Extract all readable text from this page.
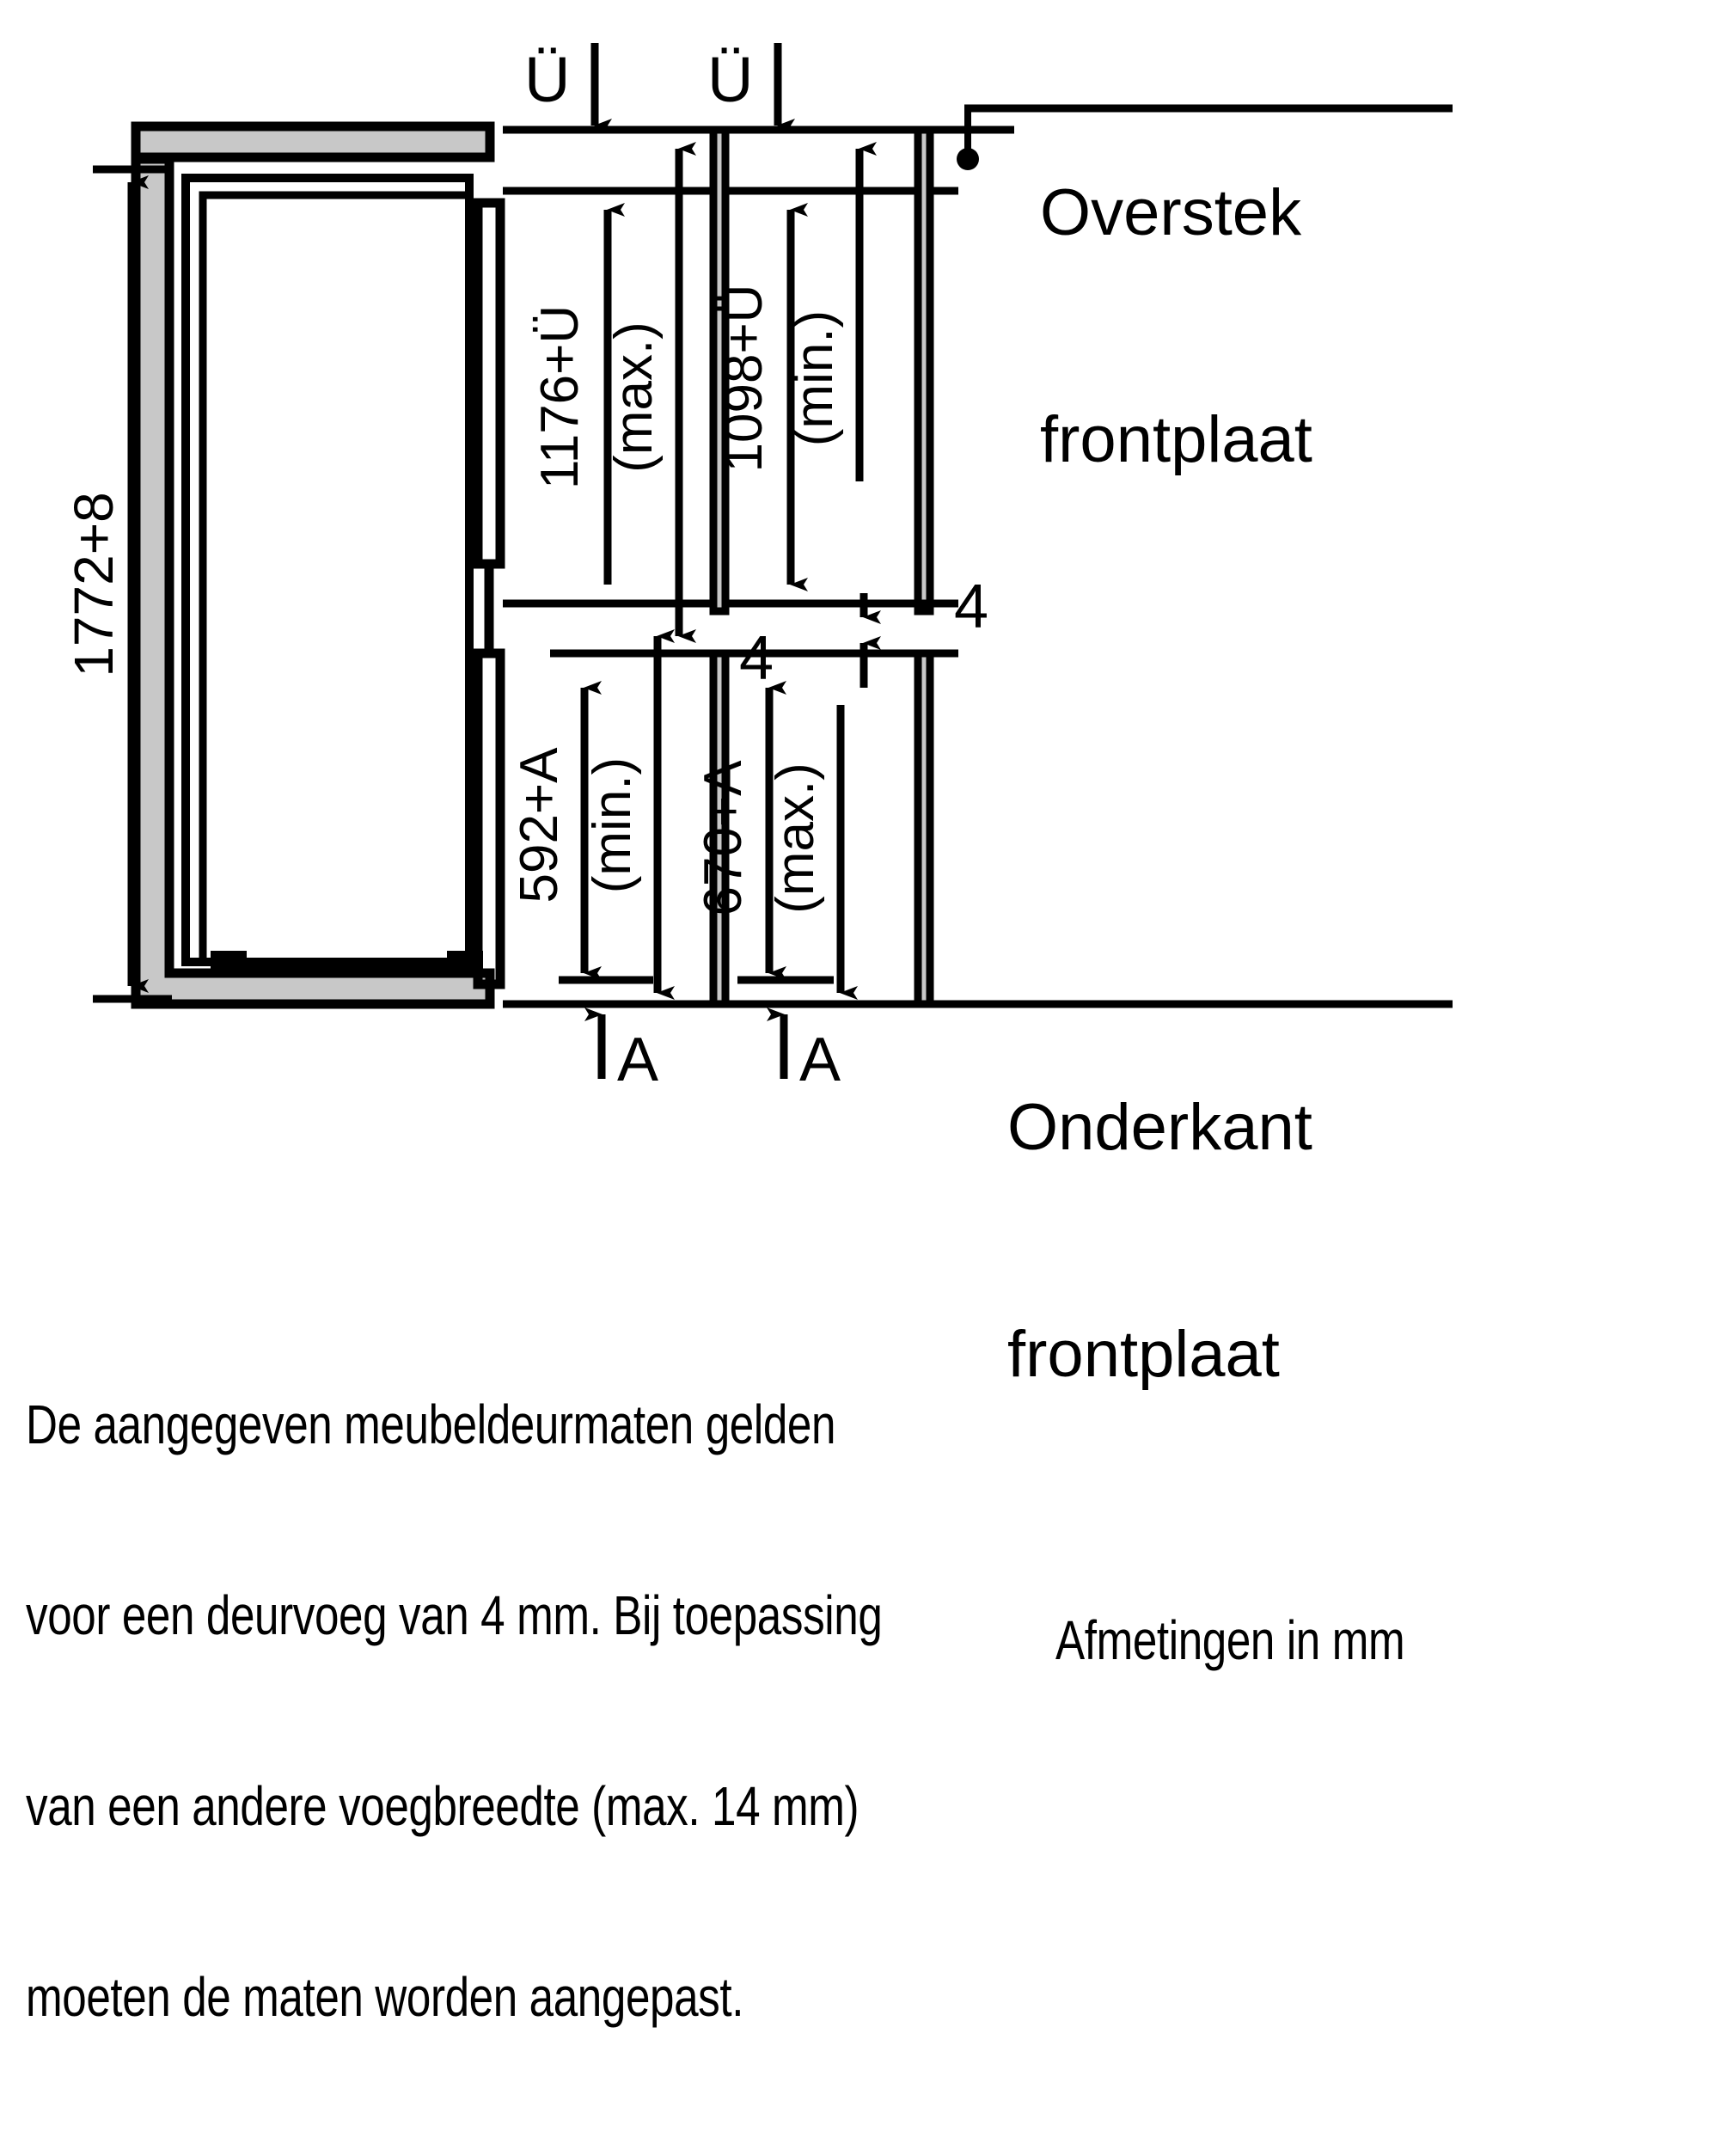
1772+8
Ü Ü
1176+Ü (max.) 1098+Ü (min.)
4
4
592+A (min.) 670+A (max.)
A A

Overstek

frontplaat

Onderkant

frontplaat

De aangegeven meubeldeurmaten gelden

voor een deurvoeg van 4 mm. Bij toepassing

van een andere voegbreedte (max. 14 mm)

moeten de maten worden aangepast.

Afmetingen in mm
